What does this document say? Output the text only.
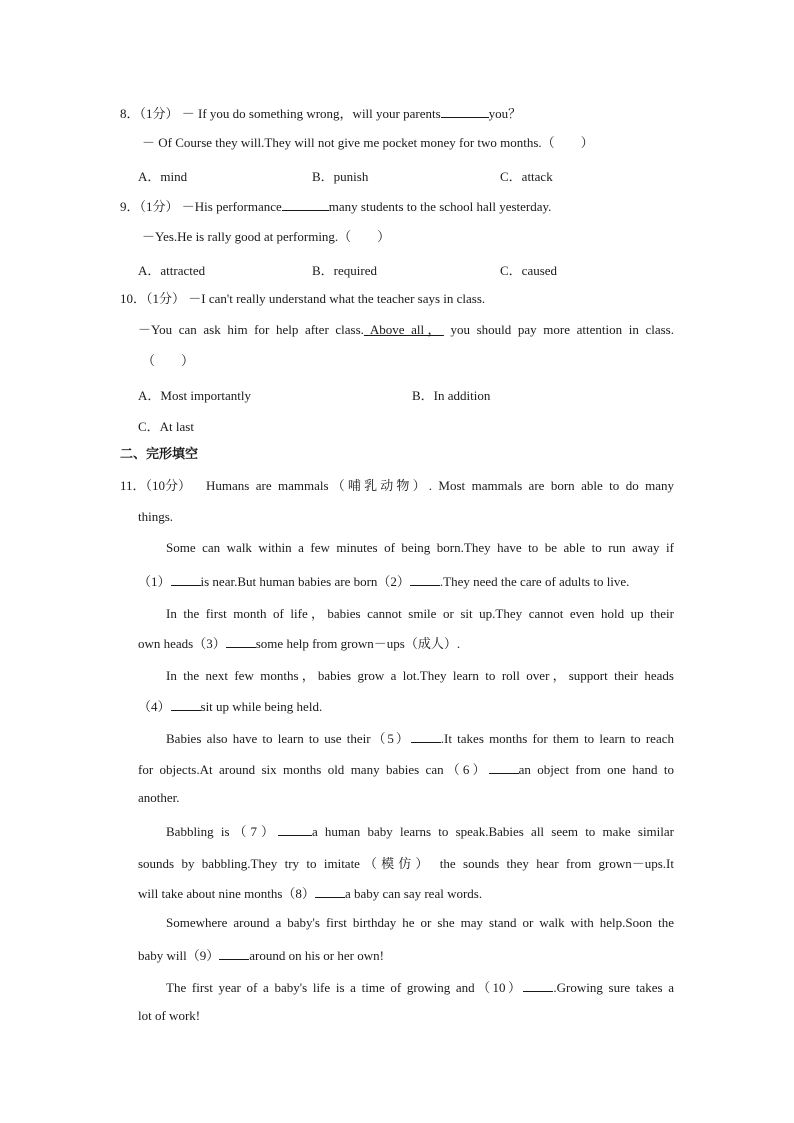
8．（1分） － If you do something wrong，will your parents	you？
－ Of Course they will.They will not give me pocket money for two months.（　　）
A．mind	B．punish	C．attack
9．（1分） －His performance	many students to the school hall yesterday.
－Yes.He is rally good at performing.（　　）
A．attracted	B．required	C．caused
10．（1分） －I can't really understand what the teacher says in class.
－You can ask him for help after class. Above all， you should pay more attention in class.
（　　）
A．Most importantly	B．In addition
C．At last
二、完形填空
11．（10分） Humans are mammals（哺乳动物）. Most mammals are born able to do many
things.
Some can walk within a few minutes of being born.They have to be able to run away if
（1） is near.But human babies are born（2） .They need the care of adults to live.
In the first month of life，babies cannot smile or sit up.They cannot even hold up their
own heads（3） some help from grown－ups（成人）.
In the next few months，babies grow a lot.They learn to roll over，support their heads
（4） sit up while being held.
Babies also have to learn to use their（5） .It takes months for them to learn to reach
for objects.At around six months old many babies can（6） an object from one hand to
another.
Babbling is（7）	a human baby learns to speak.Babies all seem to make similar
sounds by babbling.They try to imitate（模仿） the sounds they hear from grown－ups.It
will take about nine months（8） a baby can say real words.
Somewhere around a baby's first birthday he or she may stand or walk with help.Soon the
baby will（9） around on his or her own!
The first year of a baby's life is a time of growing and（10） .Growing sure takes a
lot of work!
